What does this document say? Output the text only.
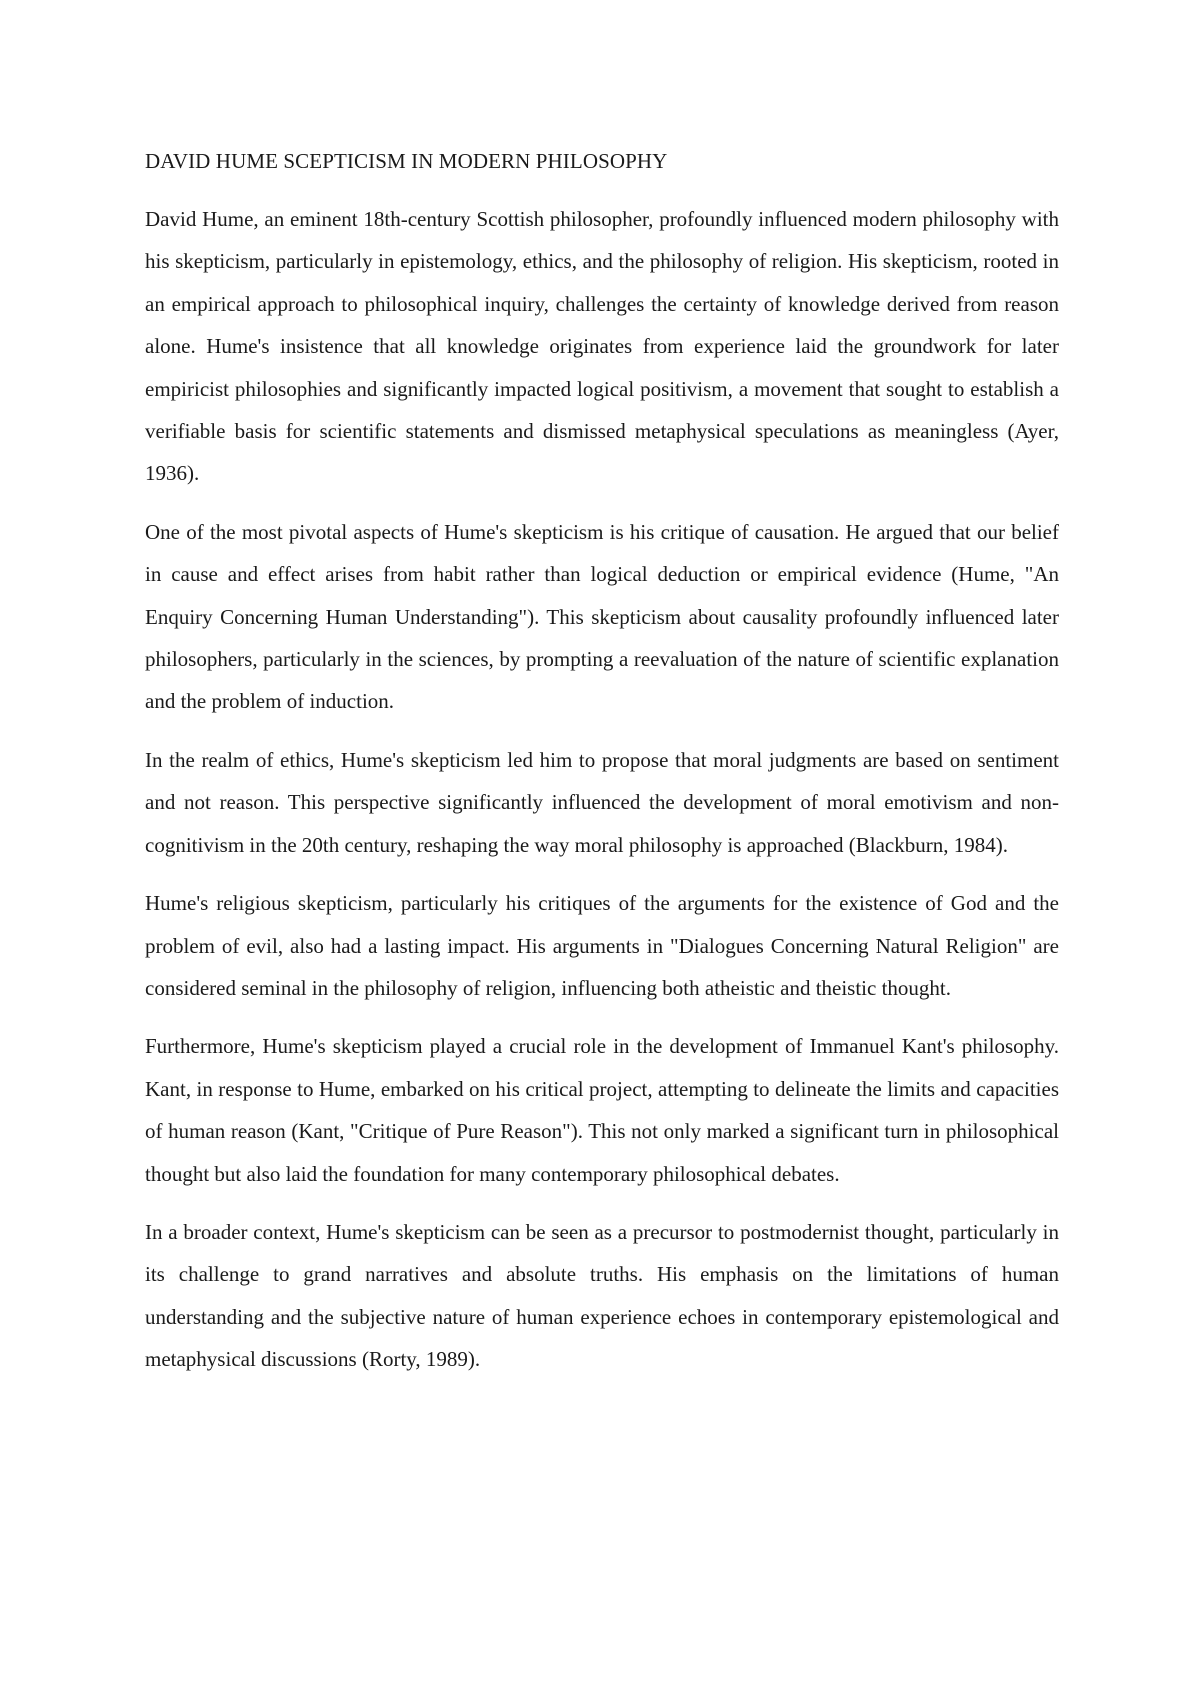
DAVID HUME SCEPTICISM IN MODERN PHILOSOPHY

David Hume, an eminent 18th-century Scottish philosopher, profoundly influenced modern philosophy with his skepticism, particularly in epistemology, ethics, and the philosophy of religion. His skepticism, rooted in an empirical approach to philosophical inquiry, challenges the certainty of knowledge derived from reason alone. Hume's insistence that all knowledge originates from experience laid the groundwork for later empiricist philosophies and significantly impacted logical positivism, a movement that sought to establish a verifiable basis for scientific statements and dismissed metaphysical speculations as meaningless (Ayer, 1936).

One of the most pivotal aspects of Hume's skepticism is his critique of causation. He argued that our belief in cause and effect arises from habit rather than logical deduction or empirical evidence (Hume, "An Enquiry Concerning Human Understanding"). This skepticism about causality profoundly influenced later philosophers, particularly in the sciences, by prompting a reevaluation of the nature of scientific explanation and the problem of induction.

In the realm of ethics, Hume's skepticism led him to propose that moral judgments are based on sentiment and not reason. This perspective significantly influenced the development of moral emotivism and non-cognitivism in the 20th century, reshaping the way moral philosophy is approached (Blackburn, 1984).

Hume's religious skepticism, particularly his critiques of the arguments for the existence of God and the problem of evil, also had a lasting impact. His arguments in "Dialogues Concerning Natural Religion" are considered seminal in the philosophy of religion, influencing both atheistic and theistic thought.

Furthermore, Hume's skepticism played a crucial role in the development of Immanuel Kant's philosophy. Kant, in response to Hume, embarked on his critical project, attempting to delineate the limits and capacities of human reason (Kant, "Critique of Pure Reason"). This not only marked a significant turn in philosophical thought but also laid the foundation for many contemporary philosophical debates.

In a broader context, Hume's skepticism can be seen as a precursor to postmodernist thought, particularly in its challenge to grand narratives and absolute truths. His emphasis on the limitations of human understanding and the subjective nature of human experience echoes in contemporary epistemological and metaphysical discussions (Rorty, 1989).
